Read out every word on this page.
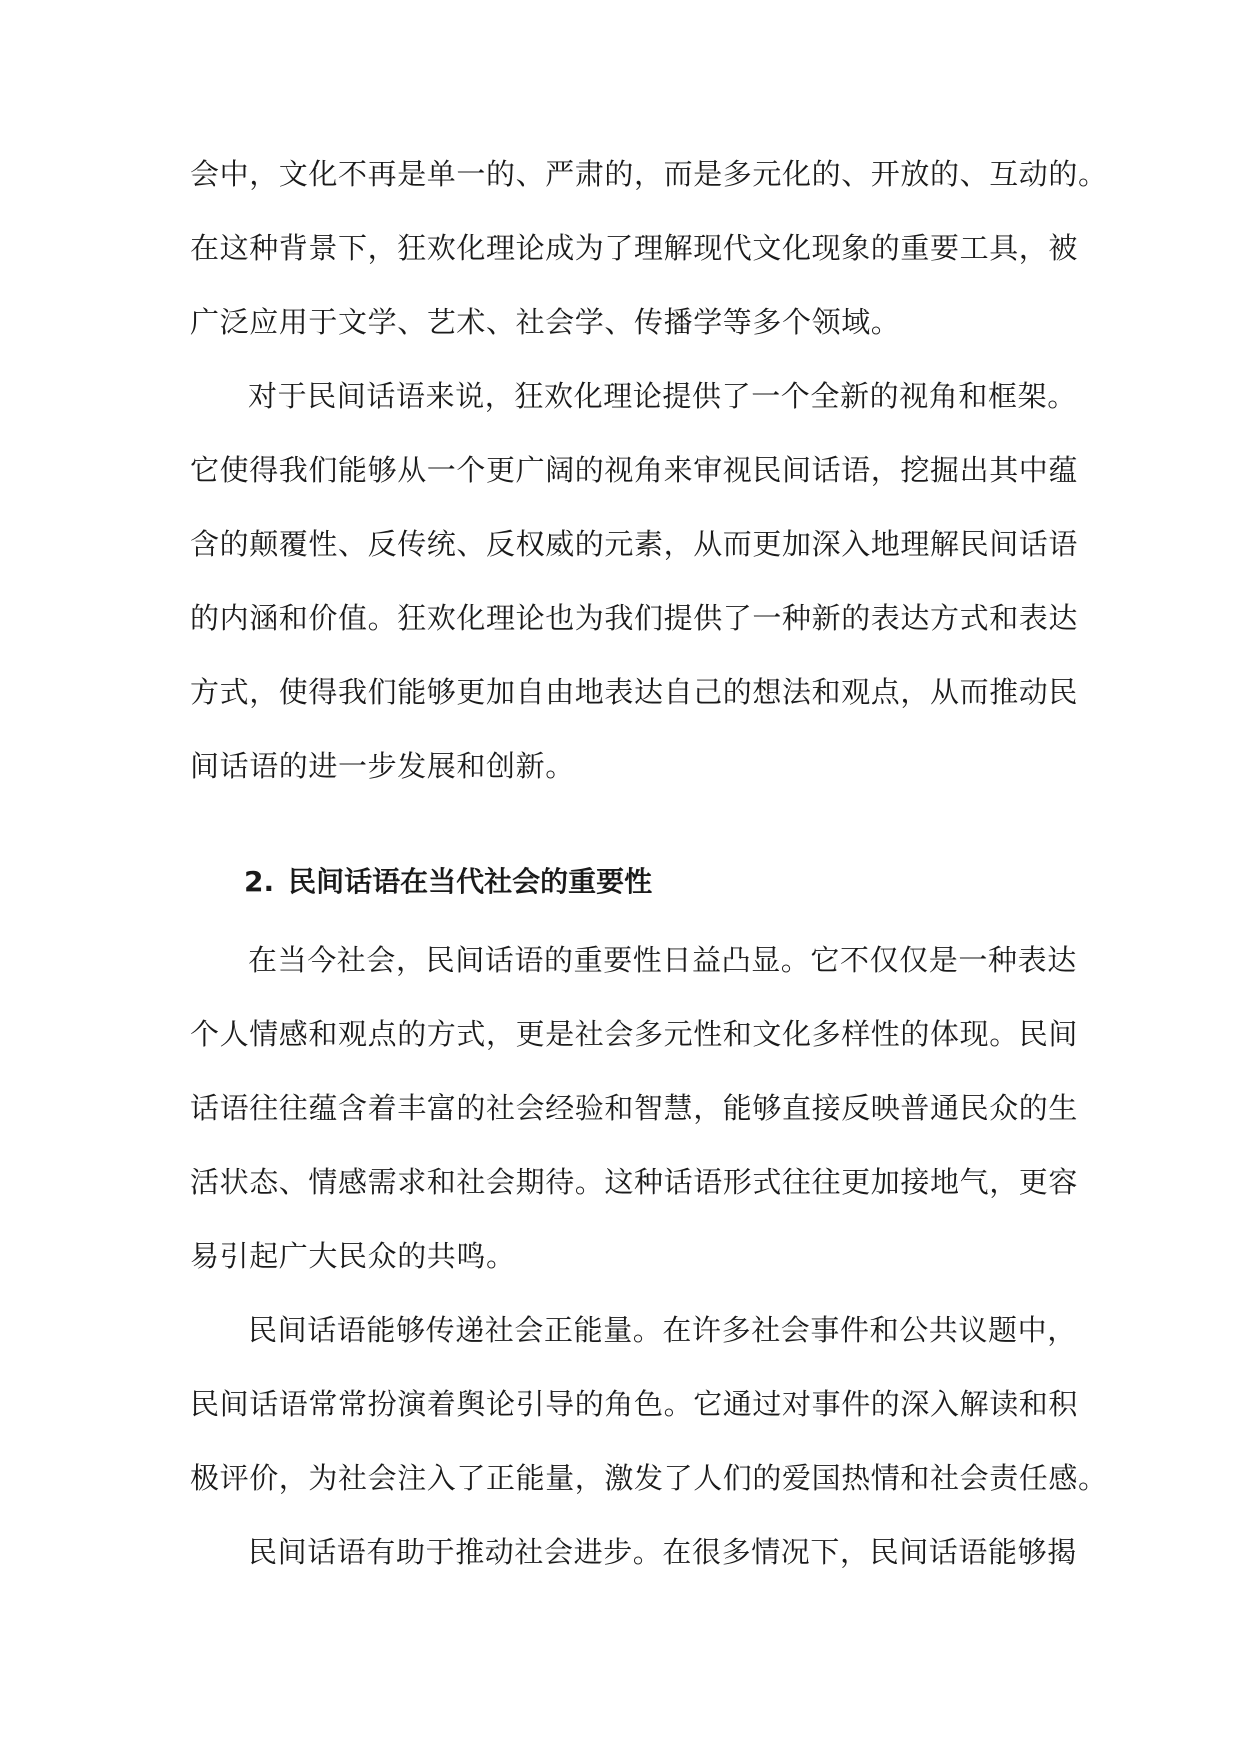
会中，文化不再是单一的、严肃的，而是多元化的、开放的、互动的。
在这种背景下，狂欢化理论成为了理解现代文化现象的重要工具，被
广泛应用于文学、艺术、社会学、传播学等多个领域。
对于民间话语来说，狂欢化理论提供了一个全新的视角和框架。
它使得我们能够从一个更广阔的视角来审视民间话语，挖掘出其中蕴
含的颠覆性、反传统、反权威的元素，从而更加深入地理解民间话语
的内涵和价值。狂欢化理论也为我们提供了一种新的表达方式和表达
方式，使得我们能够更加自由地表达自己的想法和观点，从而推动民
间话语的进一步发展和创新。
2. 民间话语在当代社会的重要性
在当今社会，民间话语的重要性日益凸显。它不仅仅是一种表达
个人情感和观点的方式，更是社会多元性和文化多样性的体现。民间
话语往往蕴含着丰富的社会经验和智慧，能够直接反映普通民众的生
活状态、情感需求和社会期待。这种话语形式往往更加接地气，更容
易引起广大民众的共鸣。
民间话语能够传递社会正能量。在许多社会事件和公共议题中，
民间话语常常扮演着舆论引导的角色。它通过对事件的深入解读和积
极评价，为社会注入了正能量，激发了人们的爱国热情和社会责任感。
民间话语有助于推动社会进步。在很多情况下，民间话语能够揭
